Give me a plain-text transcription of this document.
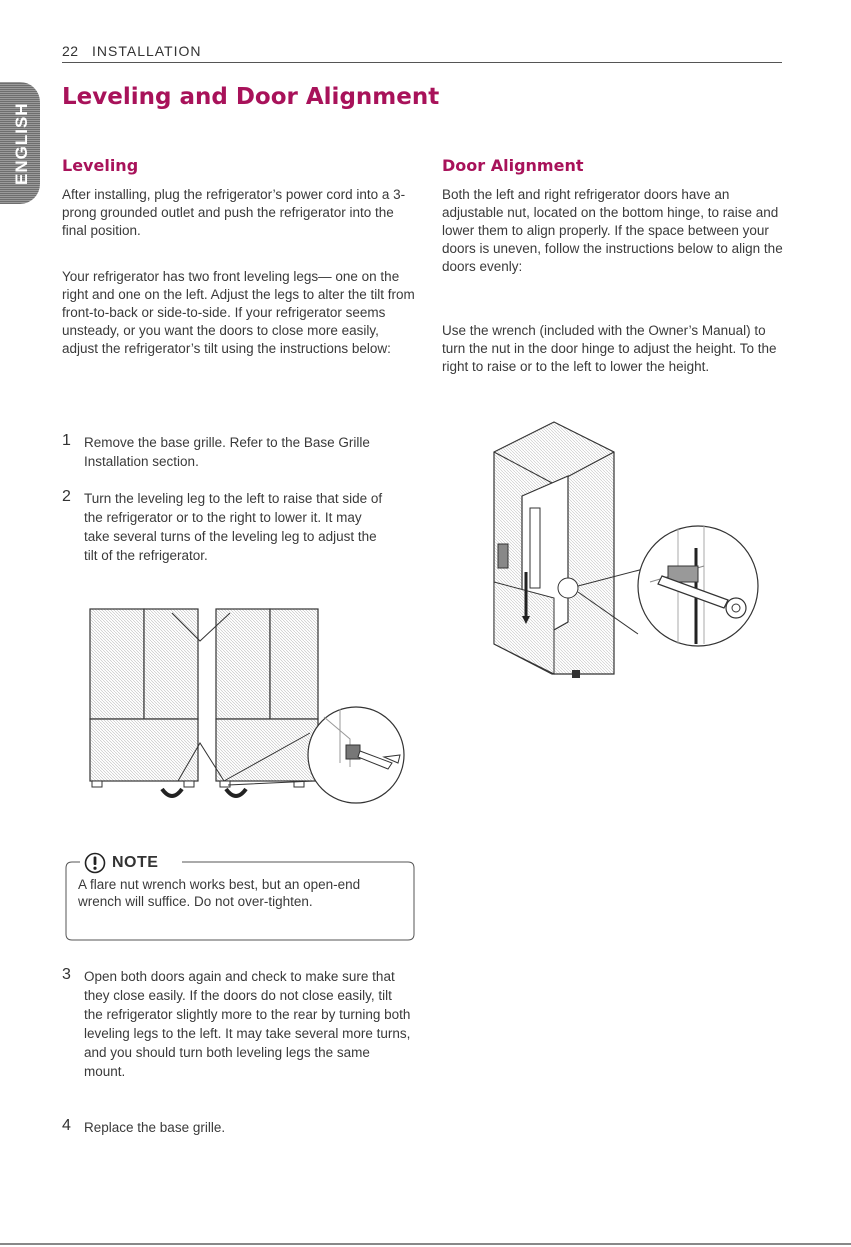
22 INSTALLATION
ENGLISH
Leveling and Door Alignment
Leveling

After installing, plug the refrigerator’s power cord into a 3-prong grounded outlet and push the refrigerator into the final position.

Your refrigerator has two front leveling legs— one on the right and one on the left. Adjust the legs to alter the tilt from front-to-back or side-to-side. If your refrigerator seems unsteady, or you want the doors to close more easily, adjust the refrigerator’s tilt using the instructions below:

Door Alignment

Both the left and right refrigerator doors have an adjustable nut, located on the bottom hinge, to raise and lower them to align properly. If the space between your doors is uneven, follow the instructions below to align the doors evenly:

Use the wrench (included with the Owner’s Manual) to turn the nut in the door hinge to adjust the height. To the right to raise or to the left to lower the height.

1 Remove the base grille. Refer to the Base Grille Installation section.

2 Turn the leveling leg to the left to raise that side of the refrigerator or to the right to lower it. It may take several turns of the leveling leg to adjust the tilt of the refrigerator.

NOTE

A flare nut wrench works best, but an open-end wrench will suffice. Do not over-tighten.

3 Open both doors again and check to make sure that they close easily. If the doors do not close easily, tilt the refrigerator slightly more to the rear by turning both leveling legs to the left. It may take several more turns, and you should turn both leveling legs the same mount.

4 Replace the base grille.
